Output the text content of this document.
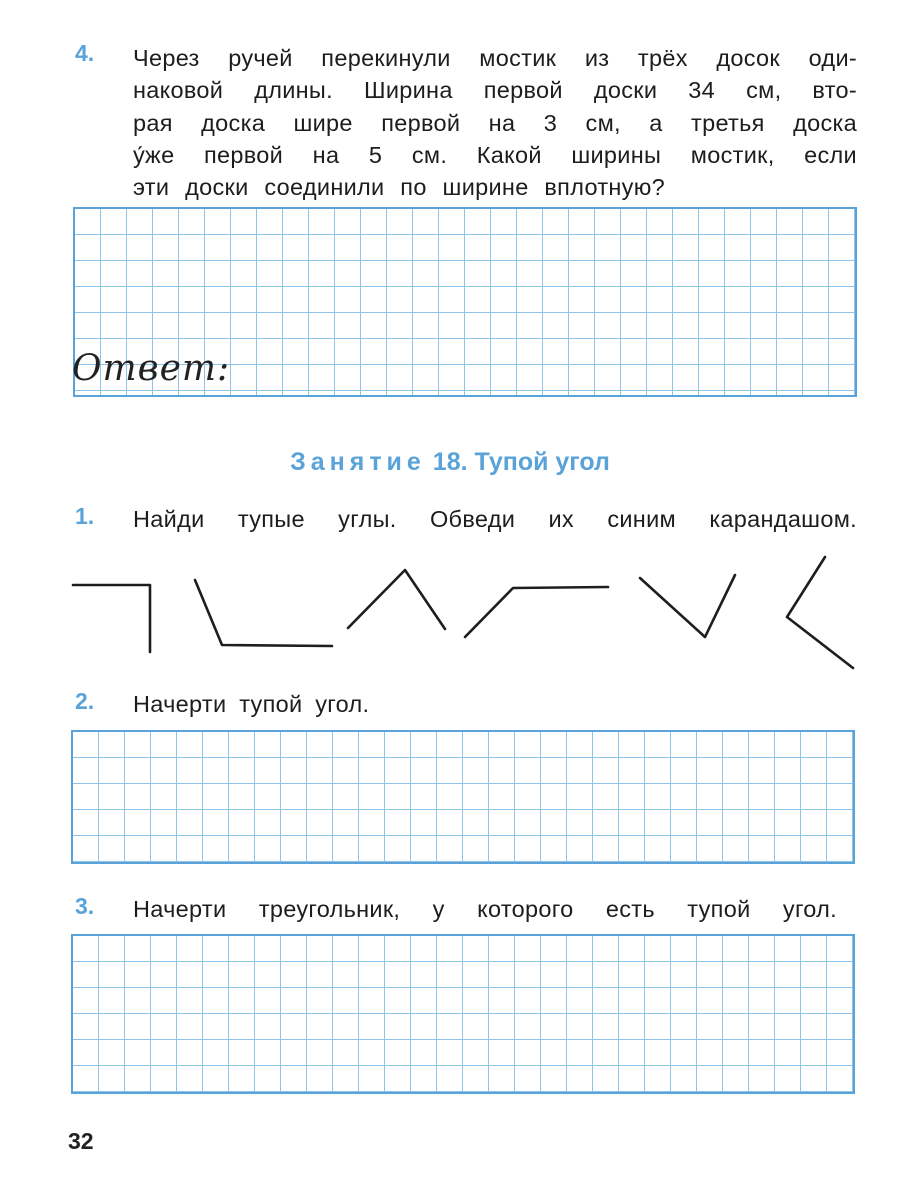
4. Через ручей перекинули мостик из трёх досок оди-
наковой длины. Ширина первой доски 34 см, вто-
рая доска шире первой на 3 см, а третья доска
у́же первой на 5 см. Какой ширины мостик, если
эти доски соединили по ширине вплотную?
Ответ:
Занятие 18. Тупой угол
1. Найди тупые углы. Обведи их синим карандашом.
2. Начерти тупой угол.
3. Начерти треугольник, у которого есть тупой угол.
32
